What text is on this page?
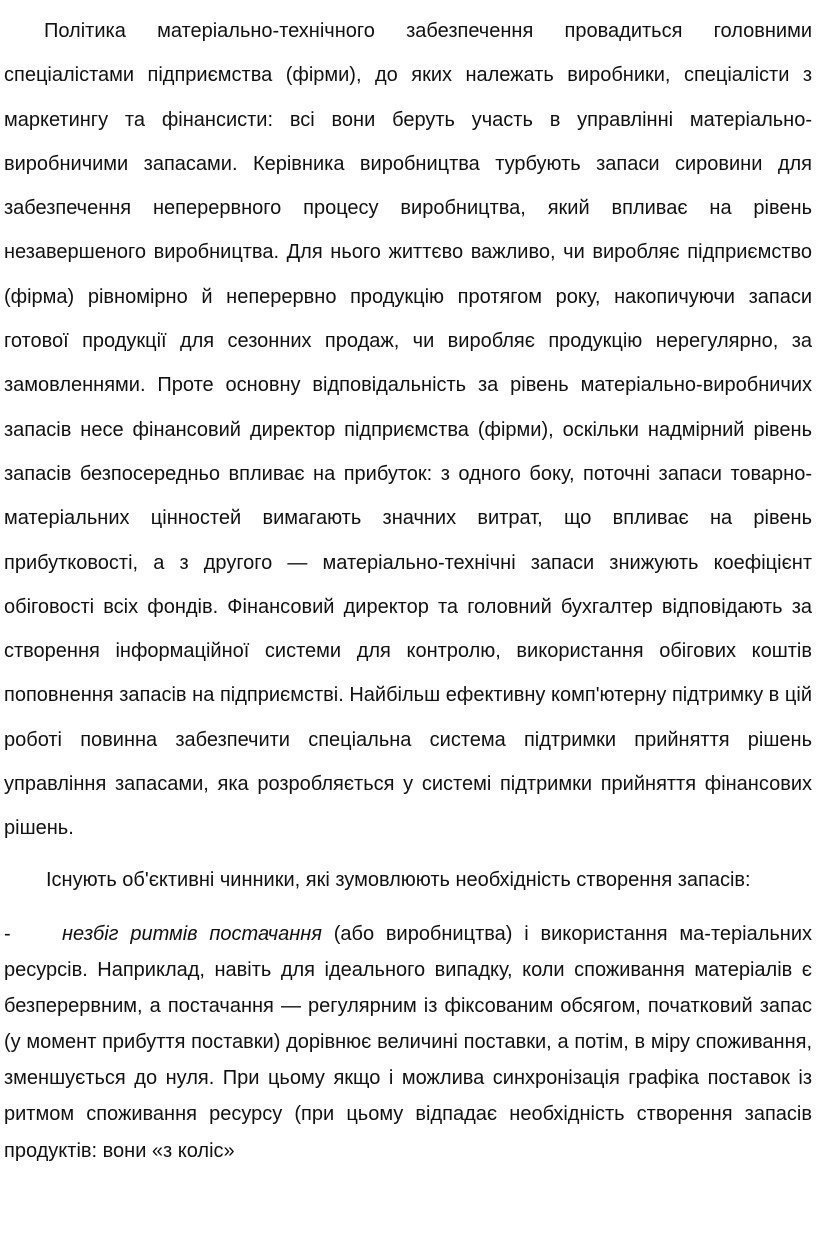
Політика матеріально-технічного забезпечення провадиться головними спеціалістами підприємства (фірми), до яких належать виробники, спеціалісти з маркетингу та фінансисти: всі вони беруть участь в управлінні матеріально-виробничими запасами. Керівника виробництва турбують запаси сировини для забезпечення неперервного процесу виробництва, який впливає на рівень незавершеного виробництва. Для нього життєво важливо, чи виробляє підприємство (фірма) рівномірно й неперервно продукцію протягом року, накопичуючи запаси готової продукції для сезонних продаж, чи виробляє продукцію нерегулярно, за замовленнями. Проте основну відповідальність за рівень матеріально-виробничих запасів несе фінансовий директор підприємства (фірми), оскільки надмірний рівень запасів безпосередньо впливає на прибуток: з одного боку, поточні запаси товарно-матеріальних цінностей вимагають значних витрат, що впливає на рівень прибутковості, а з другого — матеріально-технічні запаси знижують коефіцієнт обіговості всіх фондів. Фінансовий директор та головний бухгалтер відповідають за створення інформаційної системи для контролю, використання обігових коштів поповнення запасів на підприємстві. Найбільш ефективну комп'ютерну підтримку в цій роботі повинна забезпечити спеціальна система підтримки прийняття рішень управління запасами, яка розробляється у системі підтримки прийняття фінансових рішень.

Існують об'єктивні чинники, які зумовлюють необхідність створення запасів:

-	незбіг ритмів постачання (або виробництва) і використання ма-теріальних ресурсів. Наприклад, навіть для ідеального випадку, коли споживання матеріалів є безперервним, а постачання — регулярним із фіксованим обсягом, початковий запас (у момент прибуття поставки) дорівнює величині поставки, а потім, в міру споживання, зменшується до нуля. При цьому якщо і можлива синхронізація графіка поставок із ритмом споживання ресурсу (при цьому відпадає необхідність створення запасів продуктів: вони «з коліс»
